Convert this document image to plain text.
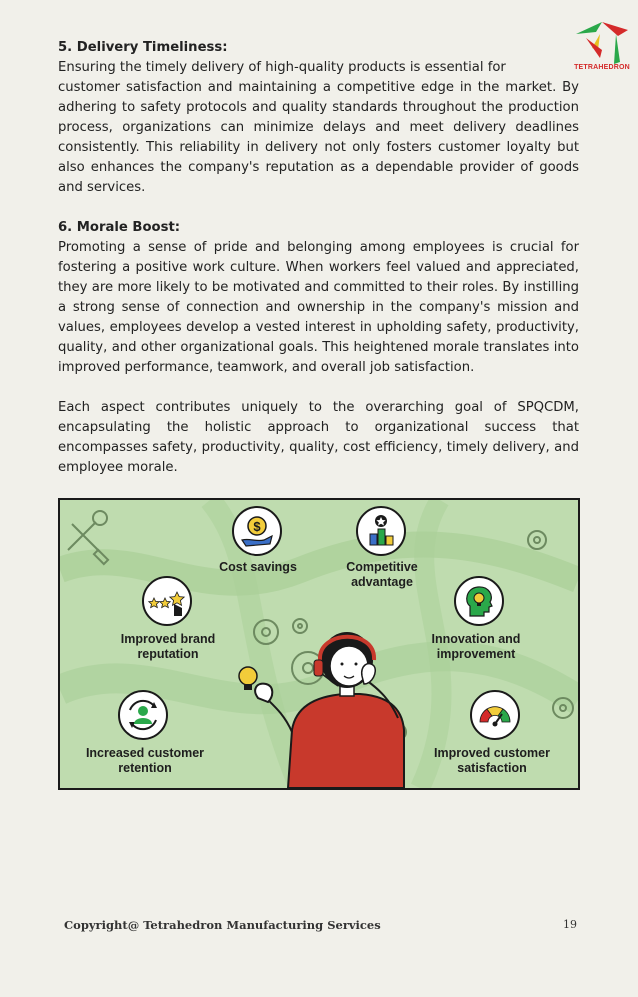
TETRAHEDRON

5. Delivery Timeliness:

Ensuring the timely delivery of high-quality products is essential for

customer satisfaction and maintaining a competitive edge in the market. By adhering to safety protocols and quality standards throughout the production process, organizations can minimize delays and meet delivery deadlines consistently. This reliability in delivery not only fosters customer loyalty but also enhances the company's reputation as a dependable provider of goods and services.

6. Morale Boost:

Promoting a sense of pride and belonging among employees is crucial for fostering a positive work culture. When workers feel valued and appreciated, they are more likely to be motivated and committed to their roles. By instilling a strong sense of connection and ownership in the company's mission and values, employees develop a vested interest in upholding safety, productivity, quality, and other organizational goals. This heightened morale translates into improved performance, teamwork, and overall job satisfaction.

Each aspect contributes uniquely to the overarching goal of SPQCDM, encapsulating the holistic approach to organizational success that encompasses safety, productivity, quality, cost efficiency, timely delivery, and employee morale.

$
Cost savings	Competitive
advantage
Improved brand
reputation
Innovation and
improvement
Increased customer
retention
Improved customer
satisfaction
Copyright@ Tetrahedron Manufacturing Services	19
